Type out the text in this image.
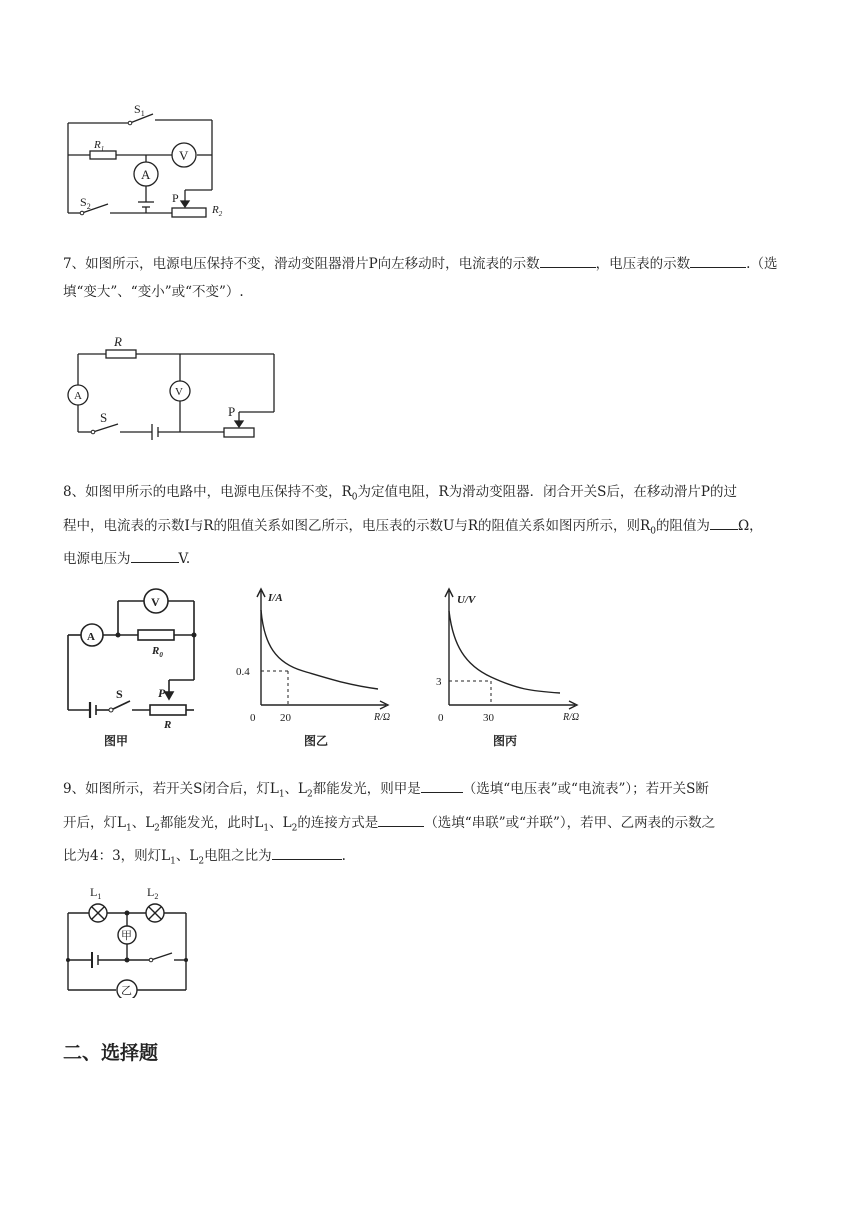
$S_1$
$R_1$	V
A
$S_2$
P
$R_2$
7、如图所示，电源电压保持不变，滑动变阻器滑片P向左移动时，电流表的示数	，电压表的示数	.（选
填“变大”、“变小”或“不变”）.
R
A	V
S	P
8、如图甲所示的电路中，电源电压保持不变，$R_0$为定值电阻，R为滑动变阻器．闭合开关S后，在移动滑片P的过
程中，电流表的示数I与R的阻值关系如图乙所示，电压表的示数U与R的阻值关系如图丙所示，则$R_0$的阻值为 Ω，
电源电压为	V.
V
A
$R_0$
S	P
R
图甲
I/A
R/Ω
0.4
20
0
图乙
U/V
R/Ω
3
30
0
图丙
9、如图所示，若开关S闭合后，灯$L_1$、$L_2$都能发光，则甲是	（选填“电压表”或“电流表”）；若开关S断
开后，灯$L_1$、$L_2$都能发光，此时$L_1$、$L_2$的连接方式是	（选填“串联”或“并联”），若甲、乙两表的示数之
比为4：3，则灯$L_1$、$L_2$电阻之比为	.
$L_1$	$L_2$
甲
乙
二、选择题
